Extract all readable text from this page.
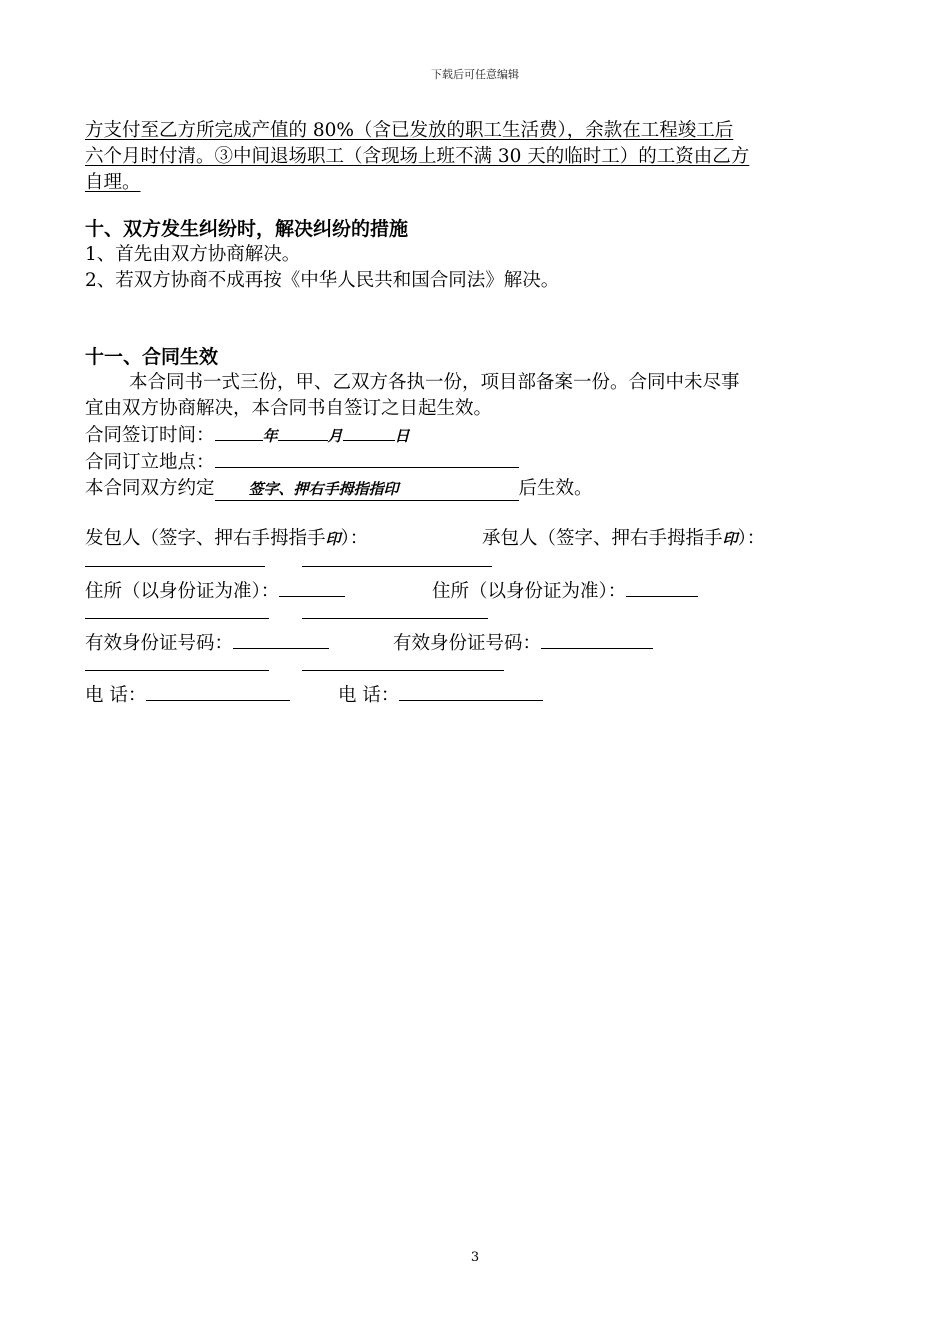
下载后可任意编辑
方支付至乙方所完成产值的 80%（含已发放的职工生活费），余款在工程竣工后
六个月时付清。③中间退场职工（含现场上班不满 30 天的临时工）的工资由乙方
自理。
十、双方发生纠纷时，解决纠纷的措施
1、首先由双方协商解决。
2、若双方协商不成再按《中华人民共和国合同法》解决。
十一、合同生效
本合同书一式三份，甲、乙双方各执一份，项目部备案一份。合同中未尽事
宜由双方协商解决，本合同书自签订之日起生效。
合同签订时间：	年	月	日
合同订立地点：
本合同双方约定 签字、押右手拇指指印	后生效。
发包人（签字、押右手拇指手印）：	承包人（签字、押右手拇指手印）：
住所（以身份证为准）：	住所（以身份证为准）：
有效身份证号码：	有效身份证号码：
电 话：	电 话：
3
